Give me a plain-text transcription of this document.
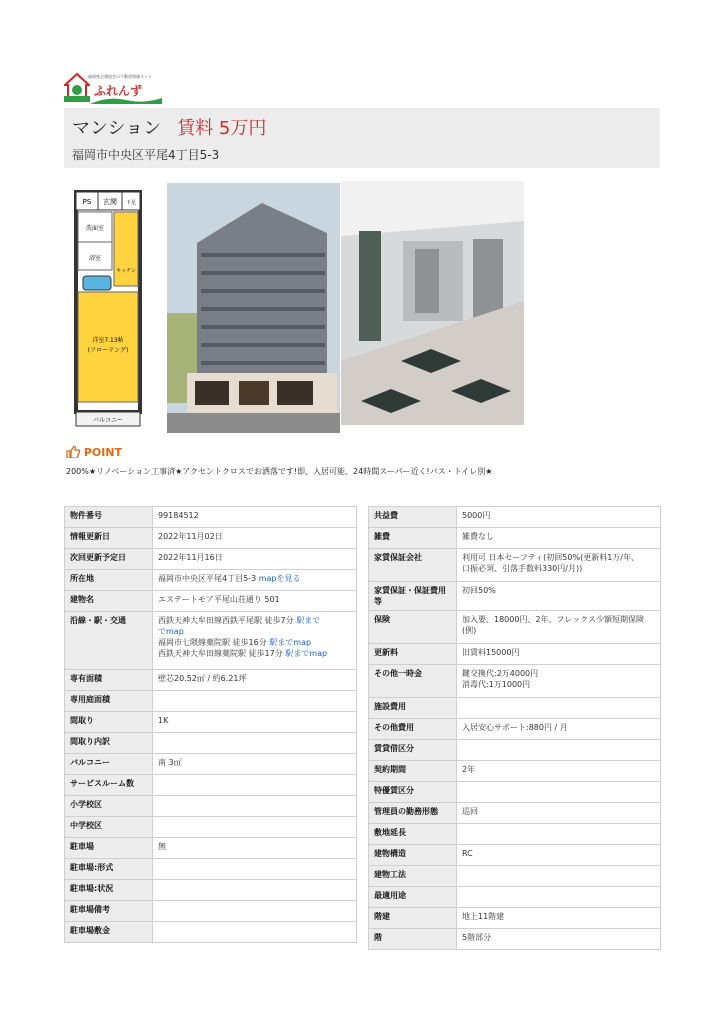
福岡県宅建協会の不動産情報ネット
ふれんず
マンション 賃料 5万円
福岡市中央区平尾4丁目5-3
PS 玄関 下足
洗面室
浴室
キッチン
洋室7.13帖
(フローリング)
バルコニー
POINT
200%★リノベーション工事済★アクセントクロスでお洒落です!即、入居可能、24時間スーパー近く!バス・トイレ別★
物件番号	99184512
情報更新日	2022年11月02日
次回更新予定日	2022年11月16日
所在地	福岡市中央区平尾4丁目5-3 mapを見る
建物名	エステートモア平尾山荘通り 501
沿線・駅・交通	西鉄天神大牟田線西鉄平尾駅 徒歩7分 駅まで
でmap
福岡市七隈線薬院駅 徒歩16分 駅までmap
西鉄天神大牟田線薬院駅 徒歩17分 駅までmap

専有面積	壁芯20.52㎡ / 約6.21坪
専用庭面積	
間取り	1K
間取り内訳	
バルコニー	南 3㎡
サービスルーム数	
小学校区	
中学校区	
駐車場	無
駐車場:形式	
駐車場:状況	
駐車場備考	
駐車場敷金	
共益費	5000円
雑費	雑費なし
家賃保証会社	利用可 日本セーフティ(初回50%(更新料1万/年、
口振必須、引落手数料330円/月))

家賃保証・保証費用等	初回50%
保険	加入要、18000円、2年、フレックス少額短期保険
(例)

更新料	旧賃料15000円
その他一時金	鍵交換代:2万4000円
消毒代:1万1000円

施設費用	
その他費用	入居安心サポート:880円 / 月
賃貸借区分	
契約期間	2年
特優賃区分	
管理員の勤務形態	巡回
敷地延長	
建物構造	RC
建物工法	
最適用途	
階建	地上11階建
階	5階部分
